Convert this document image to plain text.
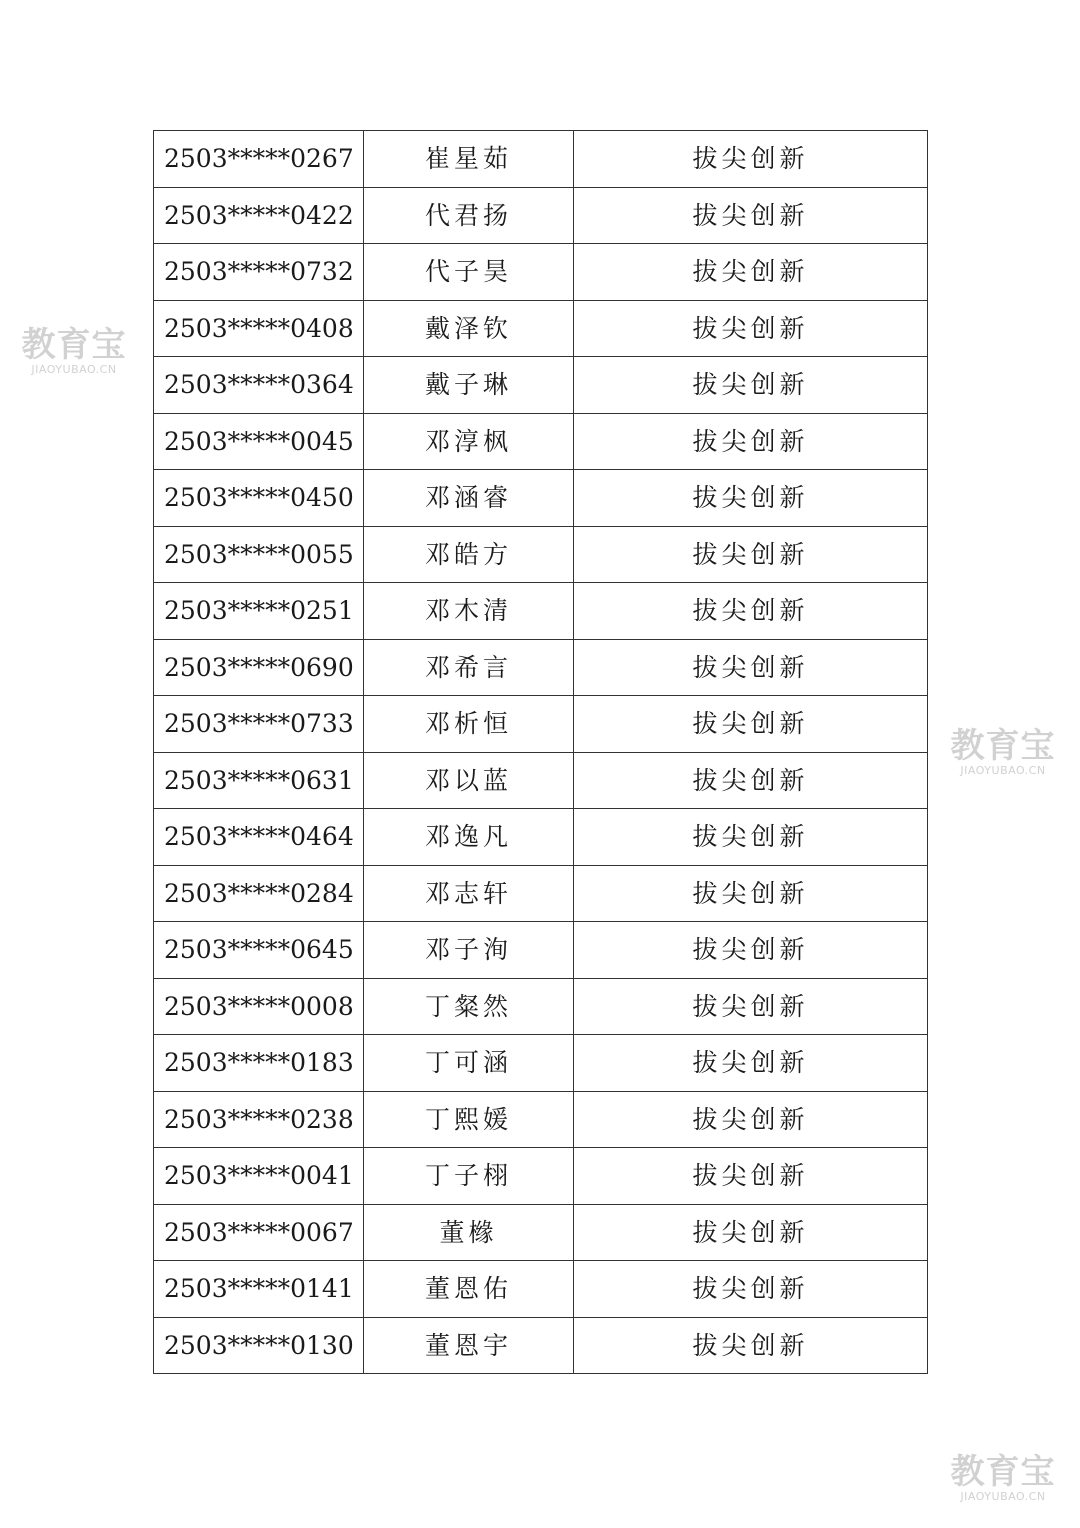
2503*****0267	崔星茹	拔尖创新
2503*****0422	代君扬	拔尖创新
2503*****0732	代子昊	拔尖创新
2503*****0408	戴泽钦	拔尖创新
2503*****0364	戴子琳	拔尖创新
2503*****0045	邓淳枫	拔尖创新
2503*****0450	邓涵睿	拔尖创新
2503*****0055	邓皓方	拔尖创新
2503*****0251	邓木清	拔尖创新
2503*****0690	邓希言	拔尖创新
2503*****0733	邓析恒	拔尖创新
2503*****0631	邓以蓝	拔尖创新
2503*****0464	邓逸凡	拔尖创新
2503*****0284	邓志轩	拔尖创新
2503*****0645	邓子洵	拔尖创新
2503*****0008	丁粲然	拔尖创新
2503*****0183	丁可涵	拔尖创新
2503*****0238	丁熙媛	拔尖创新
2503*****0041	丁子栩	拔尖创新
2503*****0067	董橼	拔尖创新
2503*****0141	董恩佑	拔尖创新
2503*****0130	董恩宇	拔尖创新
教育宝
JIAOYUBAO.CN
教育宝
JIAOYUBAO.CN
教育宝
JIAOYUBAO.CN
